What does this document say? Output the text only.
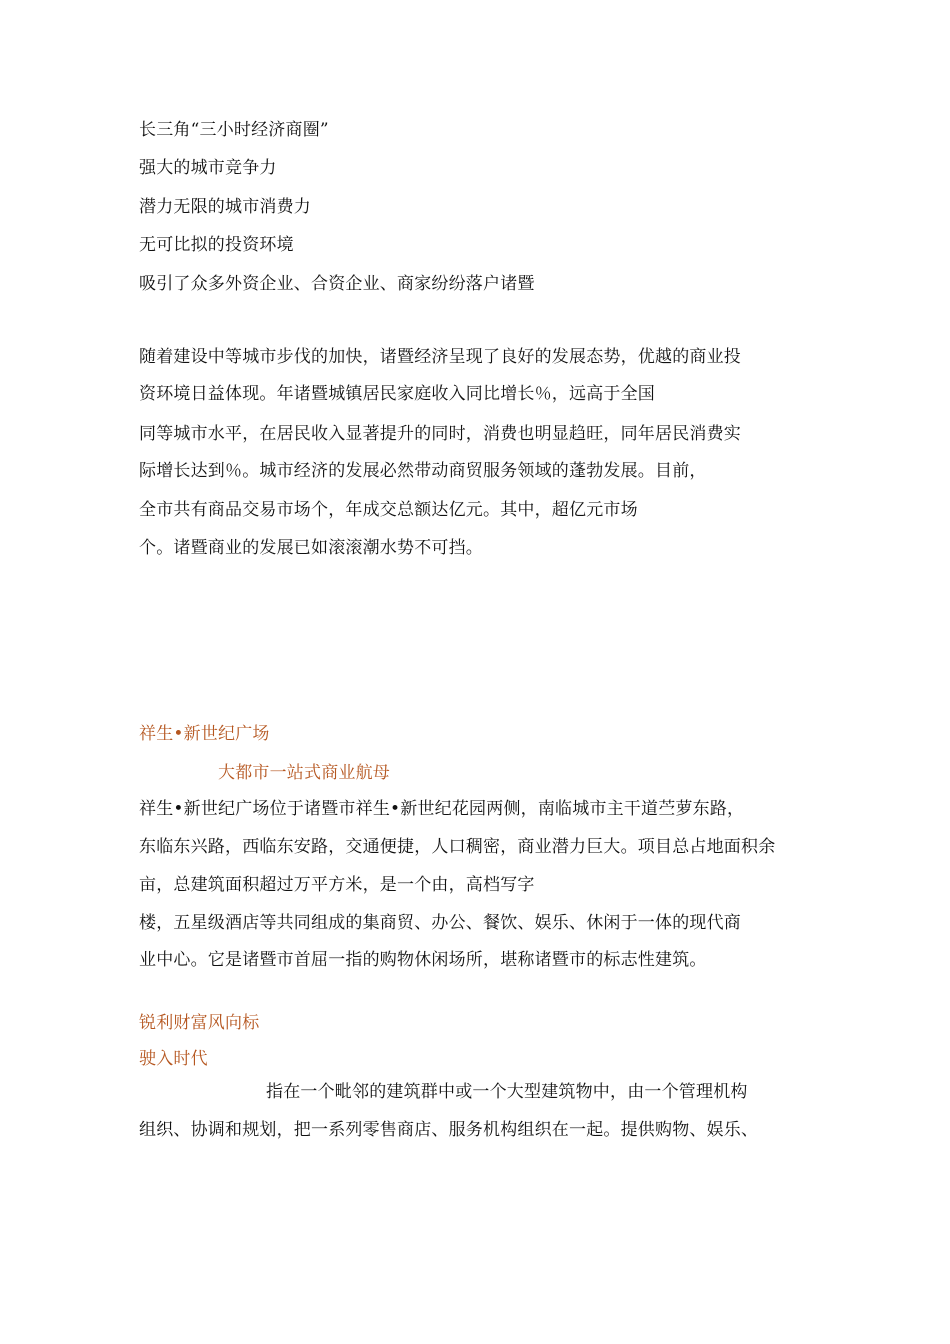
长三角“三小时经济商圈”
强大的城市竞争力
潜力无限的城市消费力
无可比拟的投资环境
吸引了众多外资企业、合资企业、商家纷纷落户诸暨
随着建设中等城市步伐的加快，诸暨经济呈现了良好的发展态势，优越的商业投
资环境日益体现。年诸暨城镇居民家庭收入同比增长％，远高于全国
同等城市水平，在居民收入显著提升的同时，消费也明显趋旺，同年居民消费实
际增长达到％。城市经济的发展必然带动商贸服务领域的蓬勃发展。目前，
全市共有商品交易市场个，年成交总额达亿元。其中，超亿元市场
个。诸暨商业的发展已如滚滚潮水势不可挡。
祥生•新世纪广场
大都市一站式商业航母
祥生•新世纪广场位于诸暨市祥生•新世纪花园两侧，南临城市主干道苎萝东路，
东临东兴路，西临东安路，交通便捷，人口稠密，商业潜力巨大。项目总占地面积余
亩，总建筑面积超过万平方米，是一个由，高档写字
楼，五星级酒店等共同组成的集商贸、办公、餐饮、娱乐、休闲于一体的现代商
业中心。它是诸暨市首屈一指的购物休闲场所，堪称诸暨市的标志性建筑。
锐利财富风向标
驶入时代
指在一个毗邻的建筑群中或一个大型建筑物中，由一个管理机构
组织、协调和规划，把一系列零售商店、服务机构组织在一起。提供购物、娱乐、
